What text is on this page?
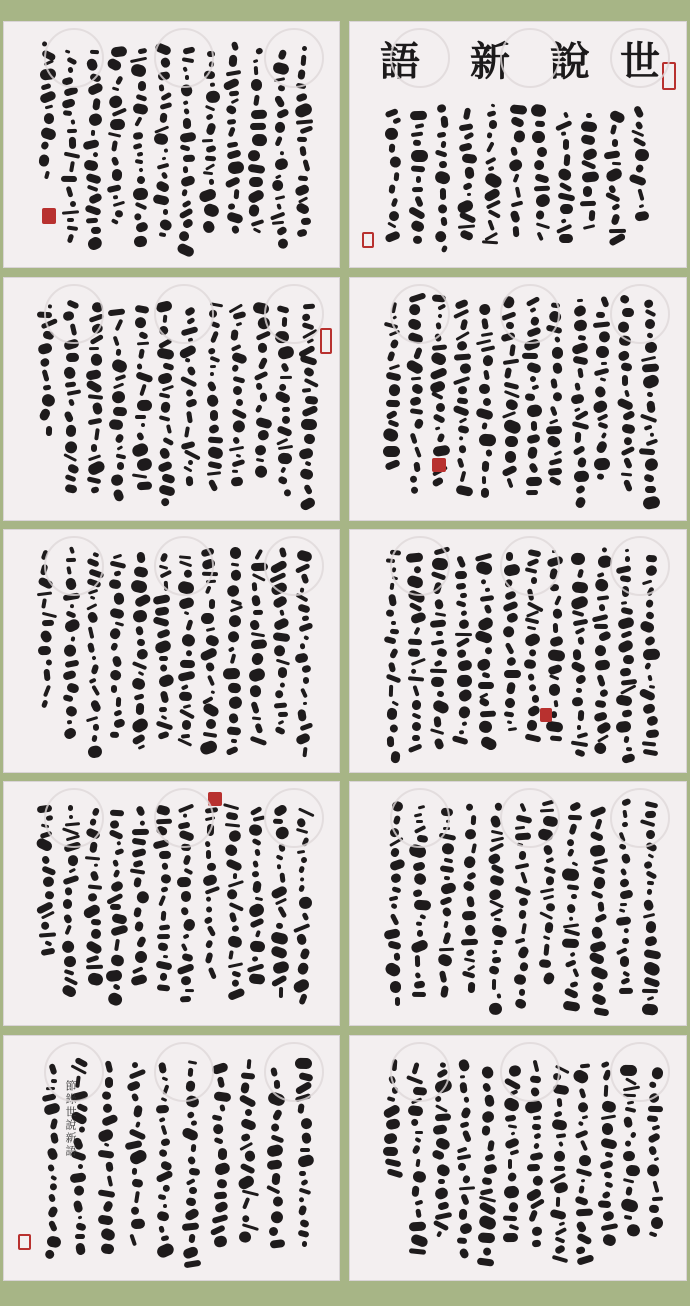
世
說
新
語
節錄世說新語
